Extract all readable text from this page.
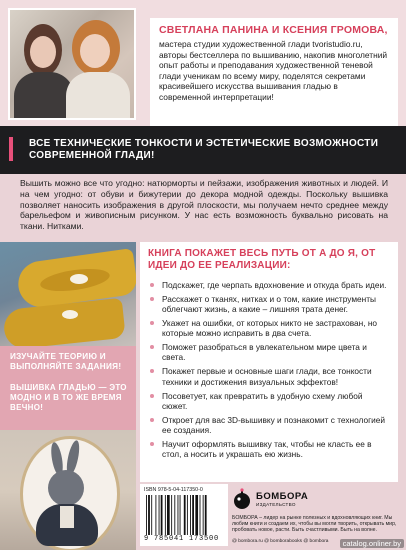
СВЕТЛАНА ПАНИНА И КСЕНИЯ ГРОМОВА,
мастера студии художественной глади tvoristudio.ru, авторы бестселлера по вышиванию, накопив многолетний опыт работы и преподавания художественной теневой глади ученикам по всему миру, поделятся секретами красивейшего искусства вышивания гладью в современной интерпретации!
ВСЕ ТЕХНИЧЕСКИЕ ТОНКОСТИ И ЭСТЕТИЧЕСКИЕ ВОЗМОЖНОСТИ СОВРЕМЕННОЙ ГЛАДИ!
Вышить можно все что угодно: натюрморты и пейзажи, изображения животных и людей. И на чем угодно: от обуви и бижутерии до декора модной одежды. Поскольку вышивка позволяет наносить изображения в другой плоскости, мы получаем нечто среднее между барельефом и живописным рисунком. У нас есть возможность буквально рисовать на ткани. Нитками.
ИЗУЧАЙТЕ ТЕОРИЮ И ВЫПОЛНЯЙТЕ ЗАДАНИЯ!
ВЫШИВКА ГЛАДЬЮ — ЭТО МОДНО И В ТО ЖЕ ВРЕМЯ ВЕЧНО!
КНИГА ПОКАЖЕТ ВЕСЬ ПУТЬ ОТ А ДО Я, ОТ ИДЕИ ДО ЕЕ РЕАЛИЗАЦИИ:
Подскажет, где черпать вдохновение и откуда брать идеи.
Расскажет о тканях, нитках и о том, какие инструменты облегчают жизнь, а какие – лишняя трата денег.
Укажет на ошибки, от которых никто не застрахован, но которые можно исправить в два счета.
Поможет разобраться в увлекательном мире цвета и света.
Покажет первые и основные шаги глади, все тонкости техники и достижения визуальных эффектов!
Посоветует, как превратить в удобную схему любой сюжет.
Откроет для вас 3D-вышивку и познакомит с технологией ее создания.
Научит оформлять вышивку так, чтобы не класть ее в стол, а носить и украшать ею жизнь.
ISBN 978-5-04-117350-0
9 785041 173500
БОМБОРА
ИЗДАТЕЛЬСТВО
БОМБОРА – лидер на рынке полезных и вдохновляющих книг. Мы любим книги и создаем их, чтобы вы могли творить, открывать мир, пробовать новое, расти. Быть счастливыми. Быть на волне.
@ bombora.ru @ bomborabooks @ bombora	catalog.onliner.by
